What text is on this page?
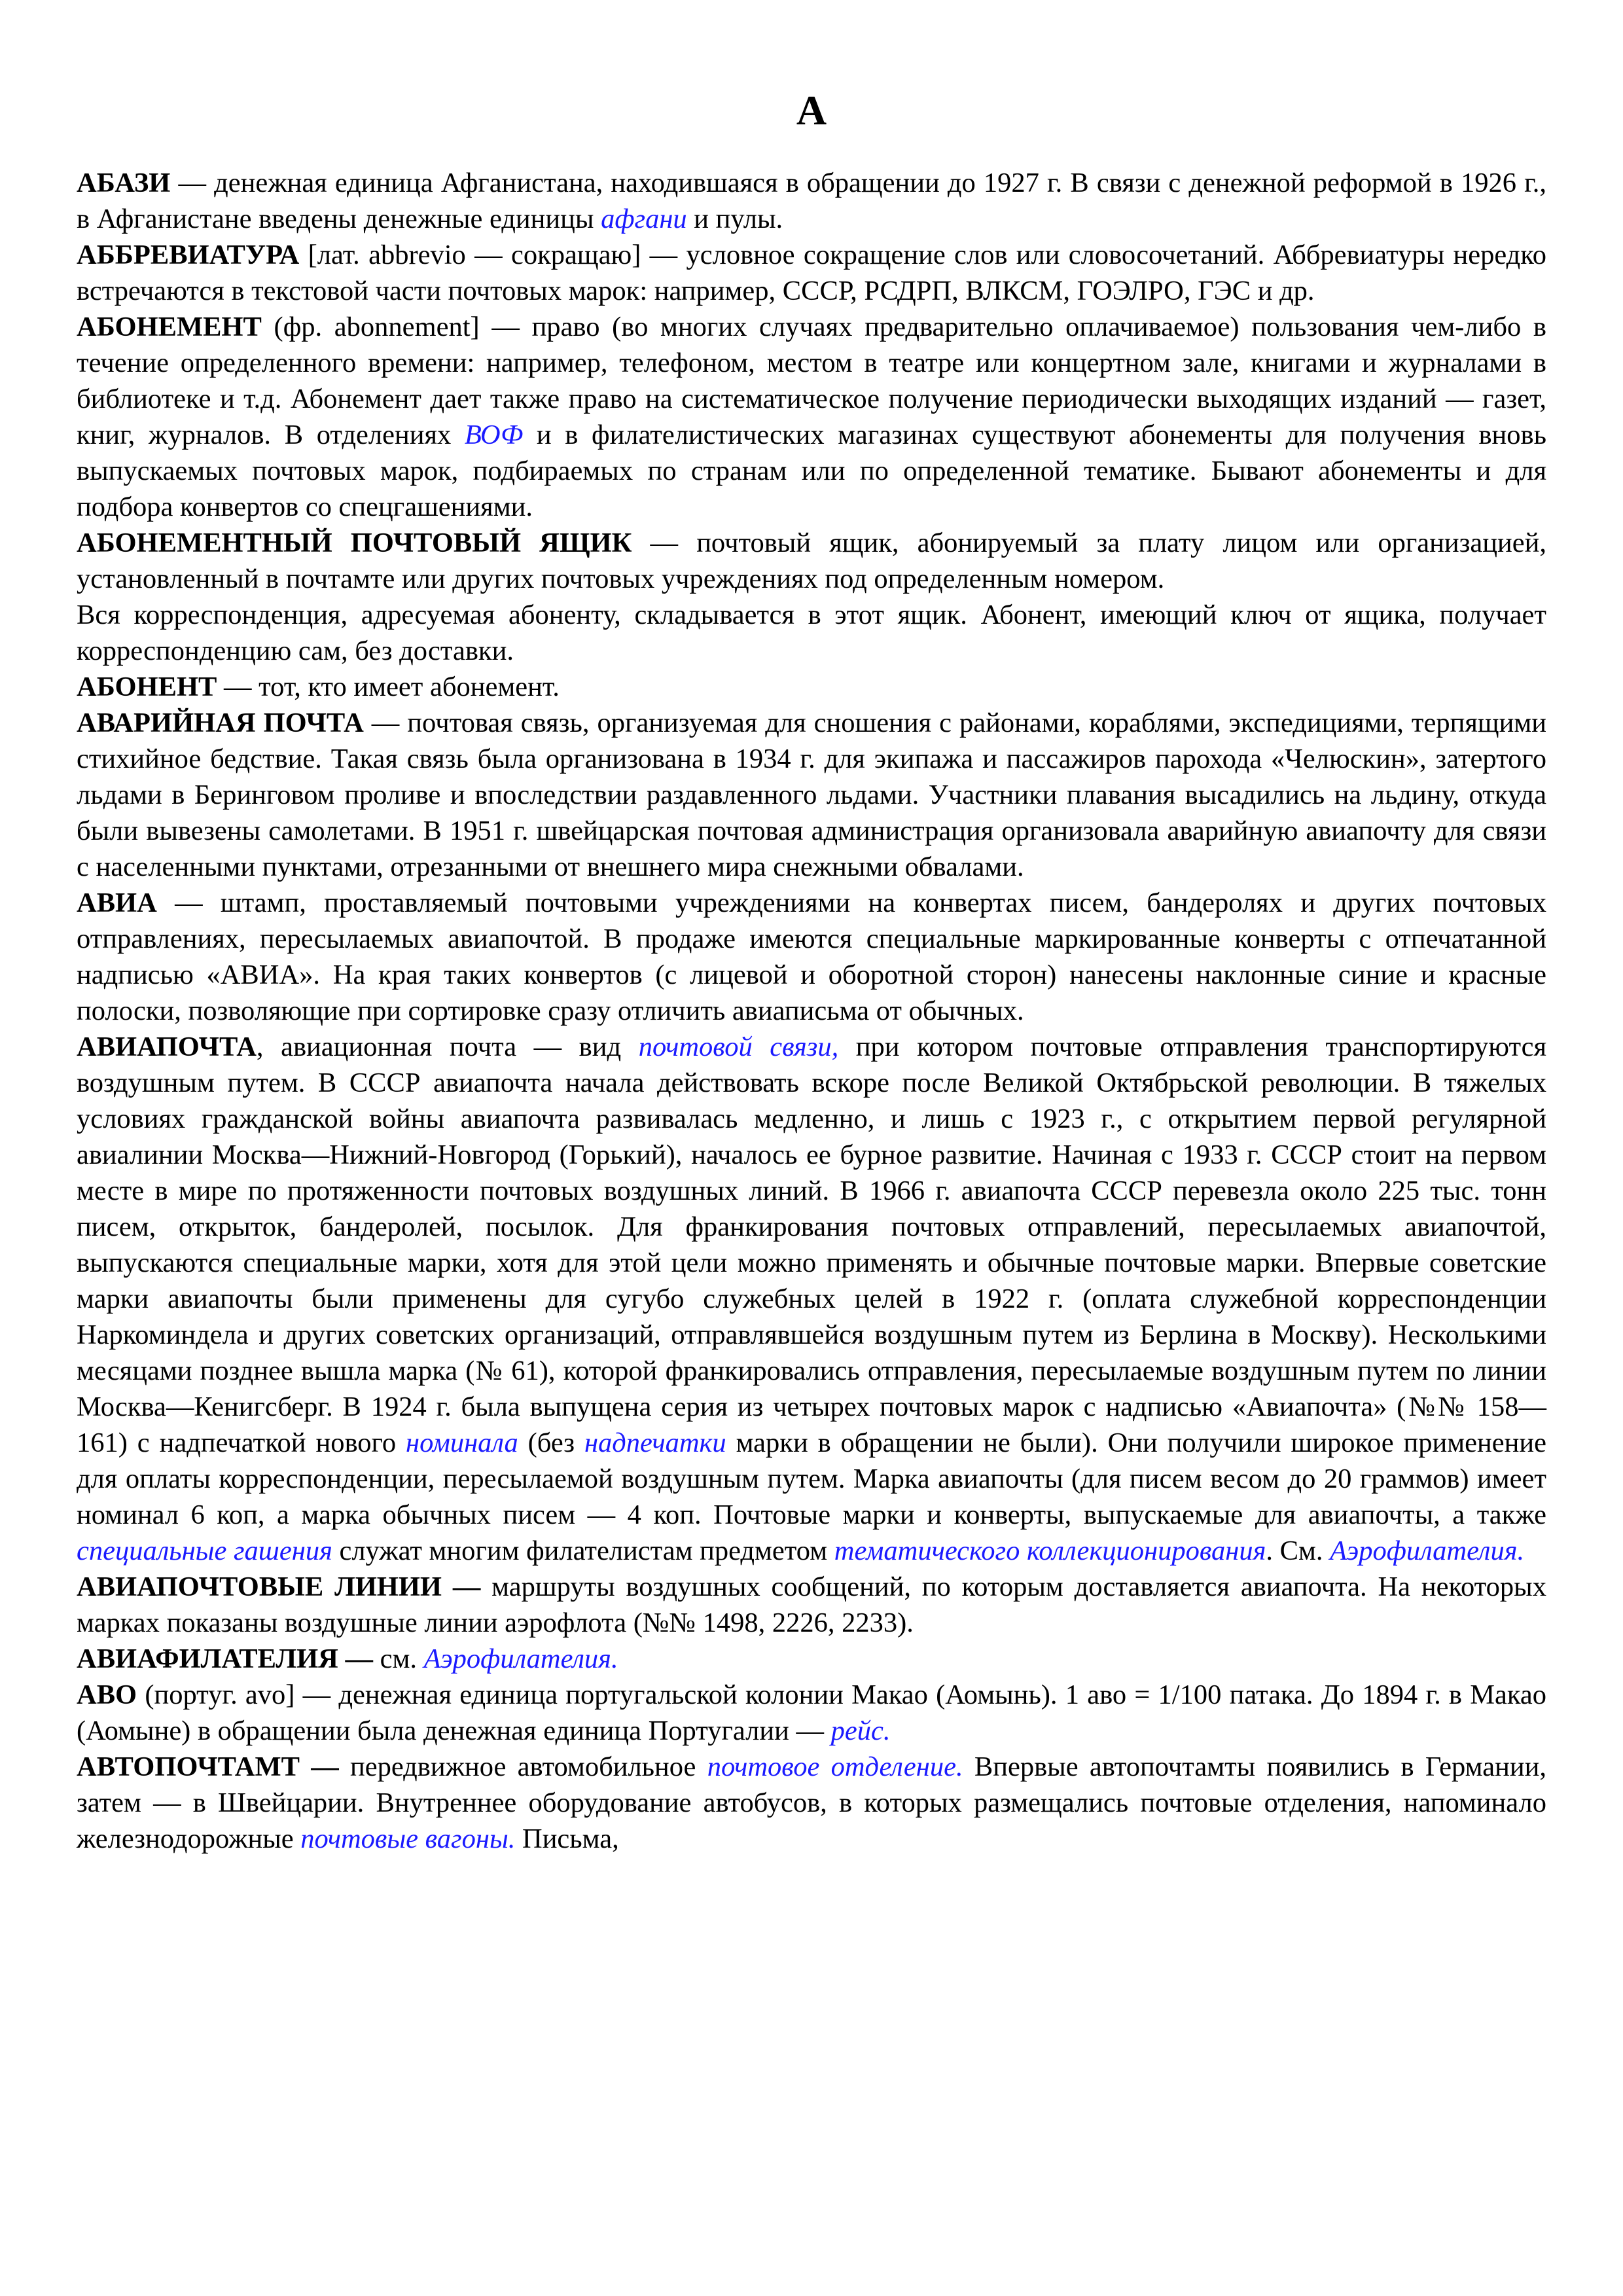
А

АБАЗИ — денежная единица Афганистана, находившаяся в обращении до 1927 г. В связи с денежной реформой в 1926 г., в Афганистане введены денежные единицы афгани и пулы.

АББРЕВИАТУРА [лат. abbrevio — сокращаю] — условное сокращение слов или словосочетаний. Аббревиатуры нередко встречаются в текстовой части почтовых марок: например, СССР, РСДРП, ВЛКСМ, ГОЭЛРО, ГЭС и др.

АБОНЕМЕНТ (фр. abonnement] — право (во многих случаях предварительно оплачиваемое) пользования чем-либо в течение определенного времени: например, телефоном, местом в театре или концертном зале, книгами и журналами в библиотеке и т.д. Абонемент дает также право на систематическое получение периодически выходящих изданий — газет, книг, журналов. В отделениях ВОФ и в филателистических магазинах существуют абонементы для получения вновь выпускаемых почтовых марок, подбираемых по странам или по определенной тематике. Бывают абонементы и для подбора конвертов со спецгашениями.

АБОНЕМЕНТНЫЙ ПОЧТОВЫЙ ЯЩИК — почтовый ящик, абонируемый за плату лицом или организацией, установленный в почтамте или других почтовых учреждениях под определенным номером.
Вся корреспонденция, адресуемая абоненту, складывается в этот ящик. Абонент, имеющий ключ от ящика, получает корреспонденцию сам, без доставки.

АБОНЕНТ — тот, кто имеет абонемент.

АВАРИЙНАЯ ПОЧТА — почтовая связь, организуемая для сношения с районами, кораблями, экспедициями, терпящими стихийное бедствие. Такая связь была организована в 1934 г. для экипажа и пассажиров парохода «Челюскин», затертого льдами в Беринговом проливе и впоследствии раздавленного льдами. Участники плавания высадились на льдину, откуда были вывезены самолетами. В 1951 г. швейцарская почтовая администрация организовала аварийную авиапочту для связи с населенными пунктами, отрезанными от внешнего мира снежными обвалами.

АВИА — штамп, проставляемый почтовыми учреждениями на конвертах писем, бандеролях и других почтовых отправлениях, пересылаемых авиапочтой. В продаже имеются специальные маркированные конверты с отпечатанной надписью «АВИА». На края таких конвертов (с лицевой и оборотной сторон) нанесены наклонные синие и красные полоски, позволяющие при сортировке сразу отличить авиаписьма от обычных.

АВИАПОЧТА, авиационная почта — вид почтовой связи, при котором почтовые отправления транспортируются воздушным путем. В СССР авиапочта начала действовать вскоре после Великой Октябрьской революции. В тяжелых условиях гражданской войны авиапочта развивалась медленно, и лишь с 1923 г., с открытием первой регулярной авиалинии Москва—Нижний-Новгород (Горький), началось ее бурное развитие. Начиная с 1933 г. СССР стоит на первом месте в мире по протяженности почтовых воздушных линий. В 1966 г. авиапочта СССР перевезла около 225 тыс. тонн писем, открыток, бандеролей, посылок. Для франкирования почтовых отправлений, пересылаемых авиапочтой, выпускаются специальные марки, хотя для этой цели можно применять и обычные почтовые марки. Впервые советские марки авиапочты были применены для сугубо служебных целей в 1922 г. (оплата служебной корреспонденции Наркоминдела и других советских организаций, отправлявшейся воздушным путем из Берлина в Москву). Несколькими месяцами позднее вышла марка (№ 61), которой франкировались отправления, пересылаемые воздушным путем по линии Москва—Кенигсберг. В 1924 г. была выпущена серия из четырех почтовых марок с надписью «Авиапочта» (№№ 158—161) с надпечаткой нового номинала (без надпечатки марки в обращении не были). Они получили широкое применение для оплаты корреспонденции, пересылаемой воздушным путем. Марка авиапочты (для писем весом до 20 граммов) имеет номинал 6 коп, а марка обычных писем — 4 коп. Почтовые марки и конверты, выпускаемые для авиапочты, а также специальные гашения служат многим филателистам предметом тематического коллекционирования. См. Аэрофилателия.

АВИАПОЧТОВЫЕ ЛИНИИ — маршруты воздушных сообщений, по которым доставляется авиапочта. На некоторых марках показаны воздушные линии аэрофлота (№№ 1498, 2226, 2233).

АВИАФИЛАТЕЛИЯ — см. Аэрофилателия.

АВО (португ. avo] — денежная единица португальской колонии Макао (Аомынь). 1 аво = 1/100 патака. До 1894 г. в Макао (Аомыне) в обращении была денежная единица Португалии — рейс.

АВТОПОЧТАМТ — передвижное автомобильное почтовое отделение. Впервые автопочтамты появились в Германии, затем — в Швейцарии. Внутреннее оборудование автобусов, в которых размещались почтовые отделения, напоминало железнодорожные почтовые вагоны. Письма,
